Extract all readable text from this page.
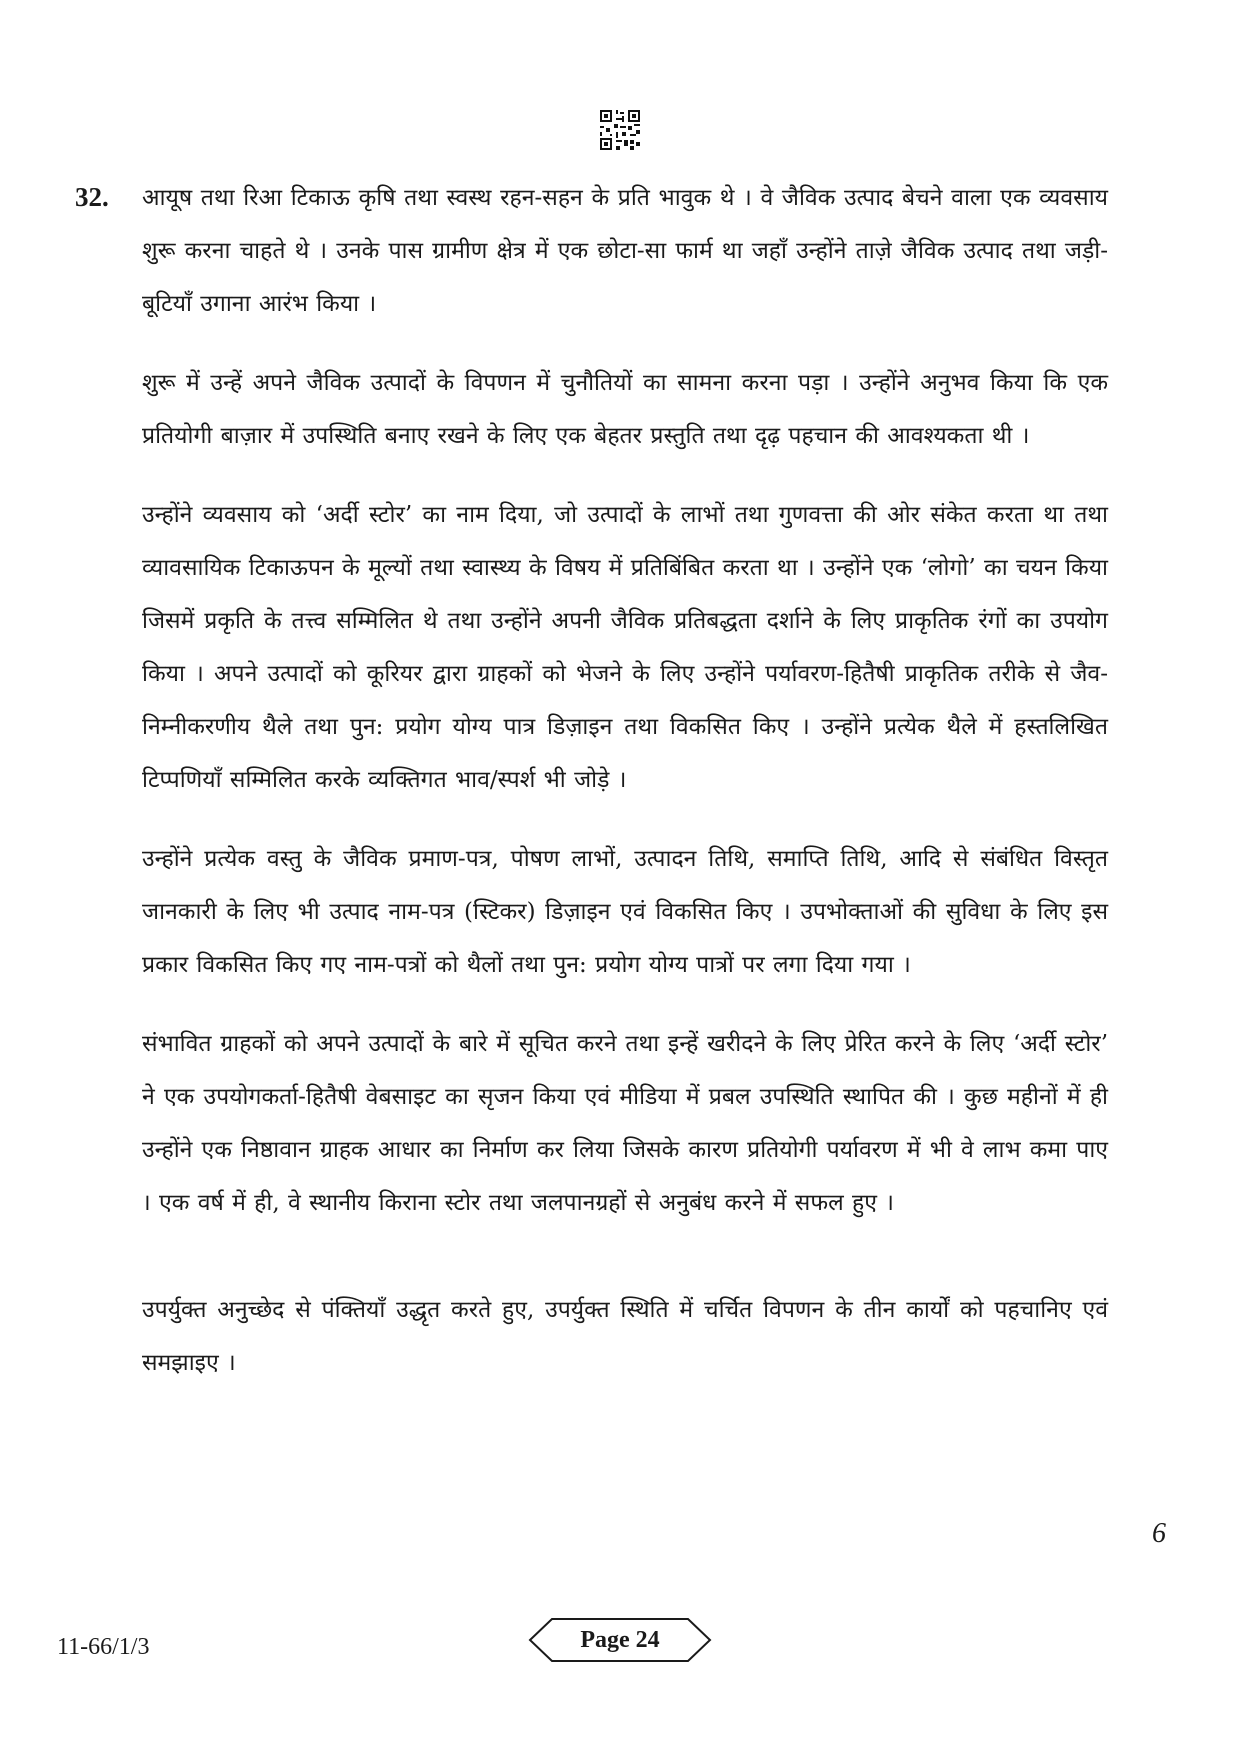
32. आयूष तथा रिआ टिकाऊ कृषि तथा स्वस्थ रहन-सहन के प्रति भावुक थे । वे जैविक उत्पाद बेचने वाला एक व्यवसाय शुरू करना चाहते थे । उनके पास ग्रामीण क्षेत्र में एक छोटा-सा फार्म था जहाँ उन्होंने ताज़े जैविक उत्पाद तथा जड़ी-बूटियाँ उगाना आरंभ किया ।

शुरू में उन्हें अपने जैविक उत्पादों के विपणन में चुनौतियों का सामना करना पड़ा । उन्होंने अनुभव किया कि एक प्रतियोगी बाज़ार में उपस्थिति बनाए रखने के लिए एक बेहतर प्रस्तुति तथा दृढ़ पहचान की आवश्यकता थी ।

उन्होंने व्यवसाय को ‘अर्दी स्टोर’ का नाम दिया, जो उत्पादों के लाभों तथा गुणवत्ता की ओर संकेत करता था तथा व्यावसायिक टिकाऊपन के मूल्यों तथा स्वास्थ्य के विषय में प्रतिबिंबित करता था । उन्होंने एक ‘लोगो’ का चयन किया जिसमें प्रकृति के तत्त्व सम्मिलित थे तथा उन्होंने अपनी जैविक प्रतिबद्धता दर्शाने के लिए प्राकृतिक रंगों का उपयोग किया । अपने उत्पादों को कूरियर द्वारा ग्राहकों को भेजने के लिए उन्होंने पर्यावरण-हितैषी प्राकृतिक तरीके से जैव-निम्नीकरणीय थैले तथा पुन: प्रयोग योग्य पात्र डिज़ाइन तथा विकसित किए । उन्होंने प्रत्येक थैले में हस्तलिखित टिप्पणियाँ सम्मिलित करके व्यक्तिगत भाव/स्पर्श भी जोड़े ।

उन्होंने प्रत्येक वस्तु के जैविक प्रमाण-पत्र, पोषण लाभों, उत्पादन तिथि, समाप्ति तिथि, आदि से संबंधित विस्तृत जानकारी के लिए भी उत्पाद नाम-पत्र (स्टिकर) डिज़ाइन एवं विकसित किए । उपभोक्ताओं की सुविधा के लिए इस प्रकार विकसित किए गए नाम-पत्रों को थैलों तथा पुन: प्रयोग योग्य पात्रों पर लगा दिया गया ।

संभावित ग्राहकों को अपने उत्पादों के बारे में सूचित करने तथा इन्हें खरीदने के लिए प्रेरित करने के लिए ‘अर्दी स्टोर’ ने एक उपयोगकर्ता-हितैषी वेबसाइट का सृजन किया एवं मीडिया में प्रबल उपस्थिति स्थापित की । कुछ महीनों में ही उन्होंने एक निष्ठावान ग्राहक आधार का निर्माण कर लिया जिसके कारण प्रतियोगी पर्यावरण में भी वे लाभ कमा पाए । एक वर्ष में ही, वे स्थानीय किराना स्टोर तथा जलपानग्रहों से अनुबंध करने में सफल हुए ।

उपर्युक्त अनुच्छेद से पंक्तियाँ उद्धृत करते हुए, उपर्युक्त स्थिति में चर्चित विपणन के तीन कार्यों को पहचानिए एवं समझाइए ।

6
11-66/1/3	Page 24
